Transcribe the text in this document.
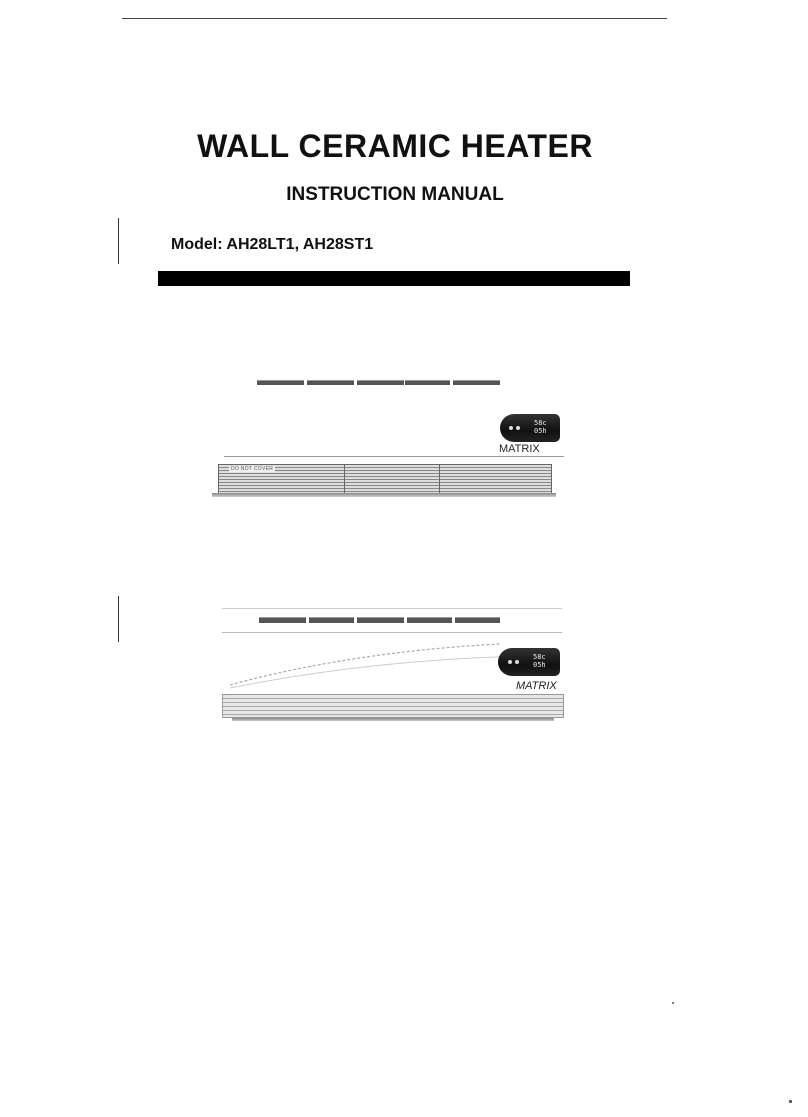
WALL CERAMIC HEATER
INSTRUCTION MANUAL

Model: AH28LT1, AH28ST1

58c
05h
MATRIX
DO NOT COVER
58c
05h
MATRIX
